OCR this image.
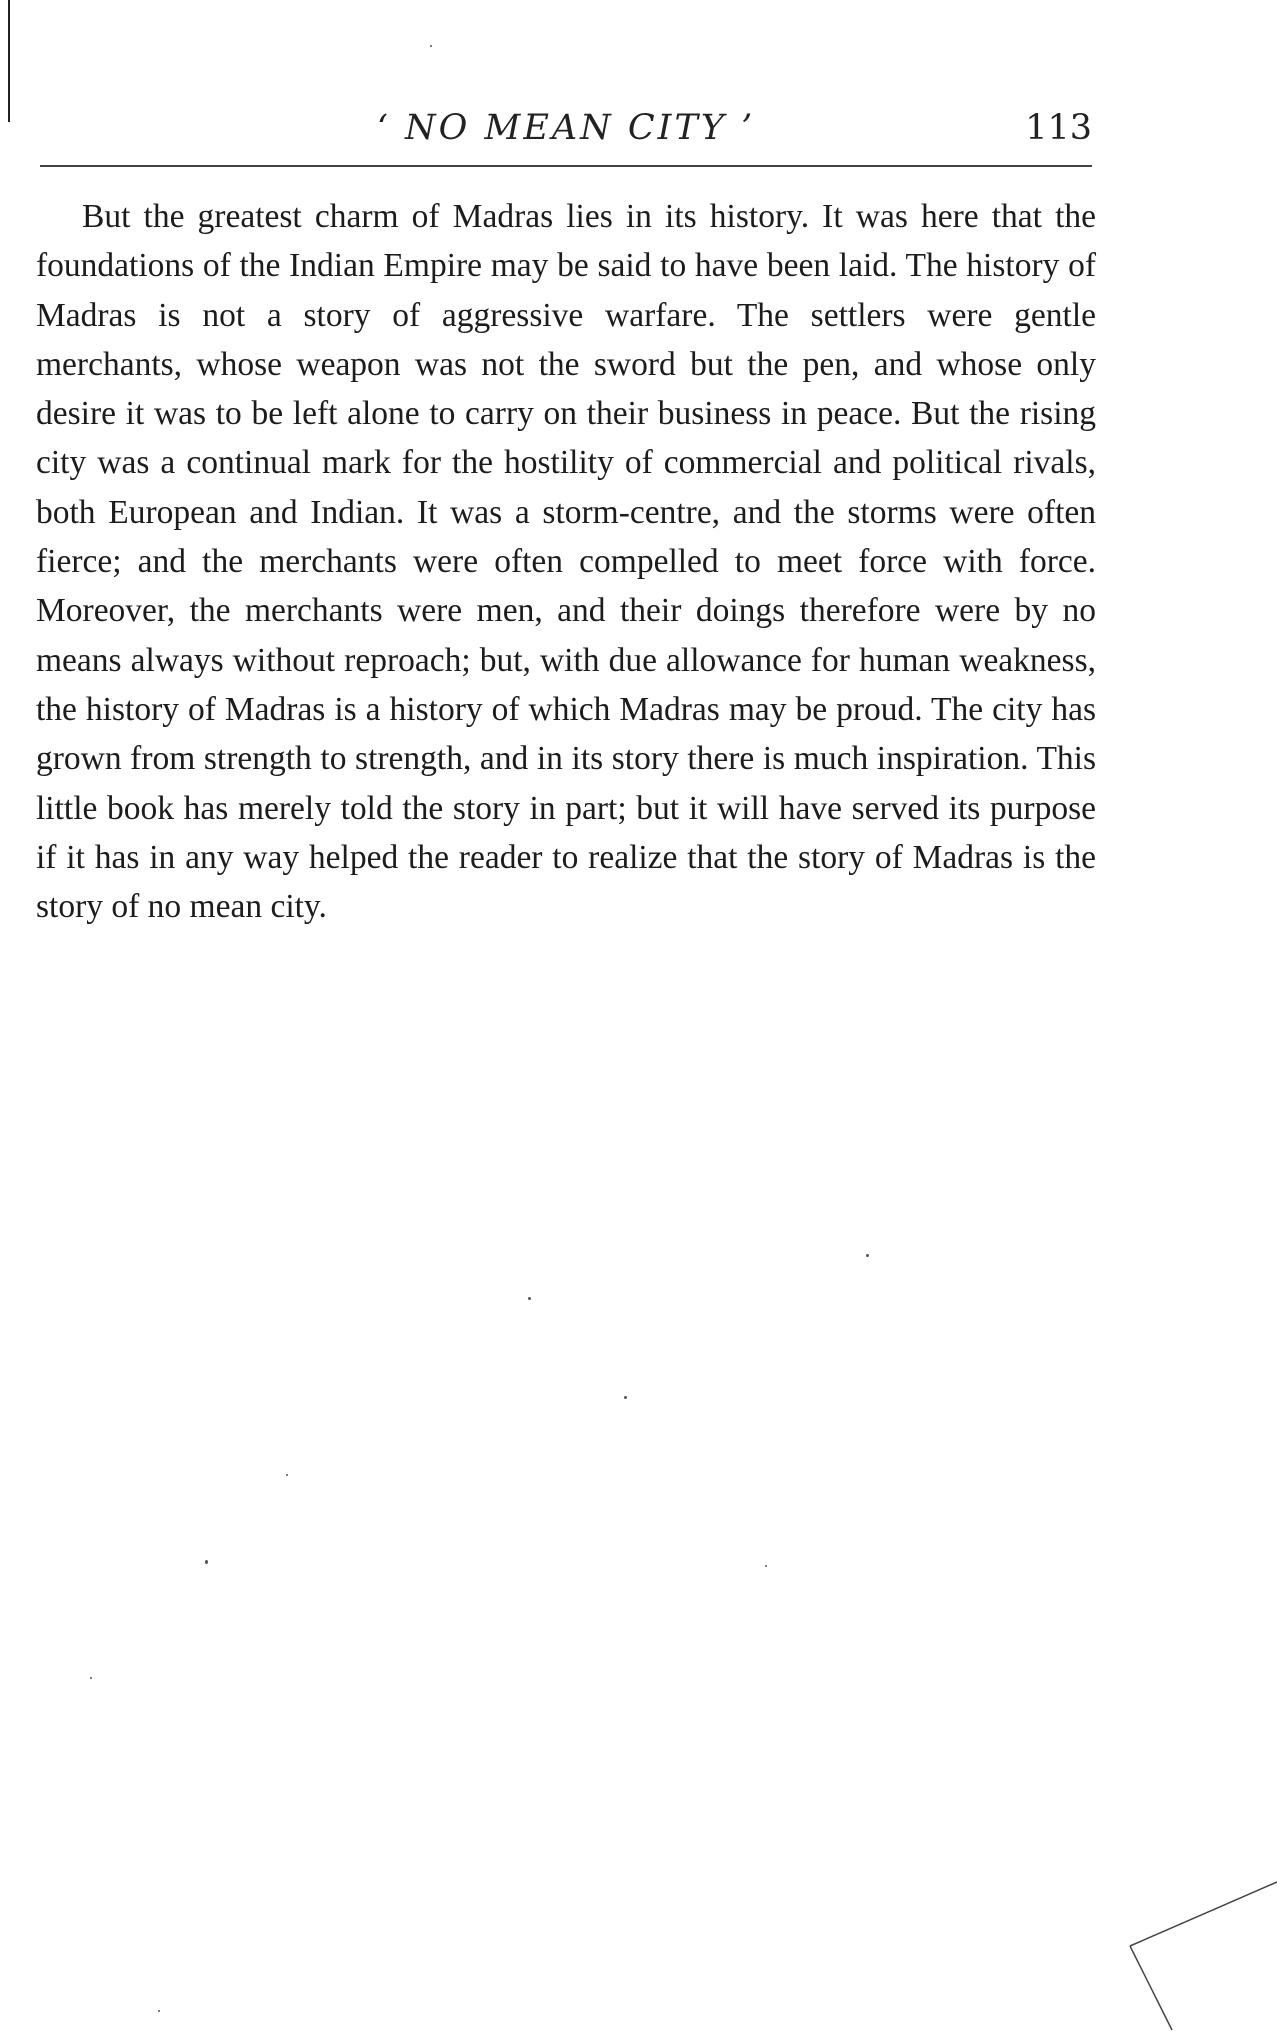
‘ NO MEAN CITY ’	113

But the greatest charm of Madras lies in its history. It was here that the foundations of the Indian Empire may be said to have been laid. The history of Madras is not a story of aggressive warfare. The settlers were gentle merchants, whose weapon was not the sword but the pen, and whose only desire it was to be left alone to carry on their business in peace. But the rising city was a continual mark for the hostility of commercial and political rivals, both European and Indian. It was a storm-centre, and the storms were often fierce; and the merchants were often compelled to meet force with force. Moreover, the merchants were men, and their doings therefore were by no means always without reproach; but, with due allowance for human weakness, the history of Madras is a history of which Madras may be proud. The city has grown from strength to strength, and in its story there is much inspiration. This little book has merely told the story in part; but it will have served its purpose if it has in any way helped the reader to realize that the story of Madras is the story of no mean city.
